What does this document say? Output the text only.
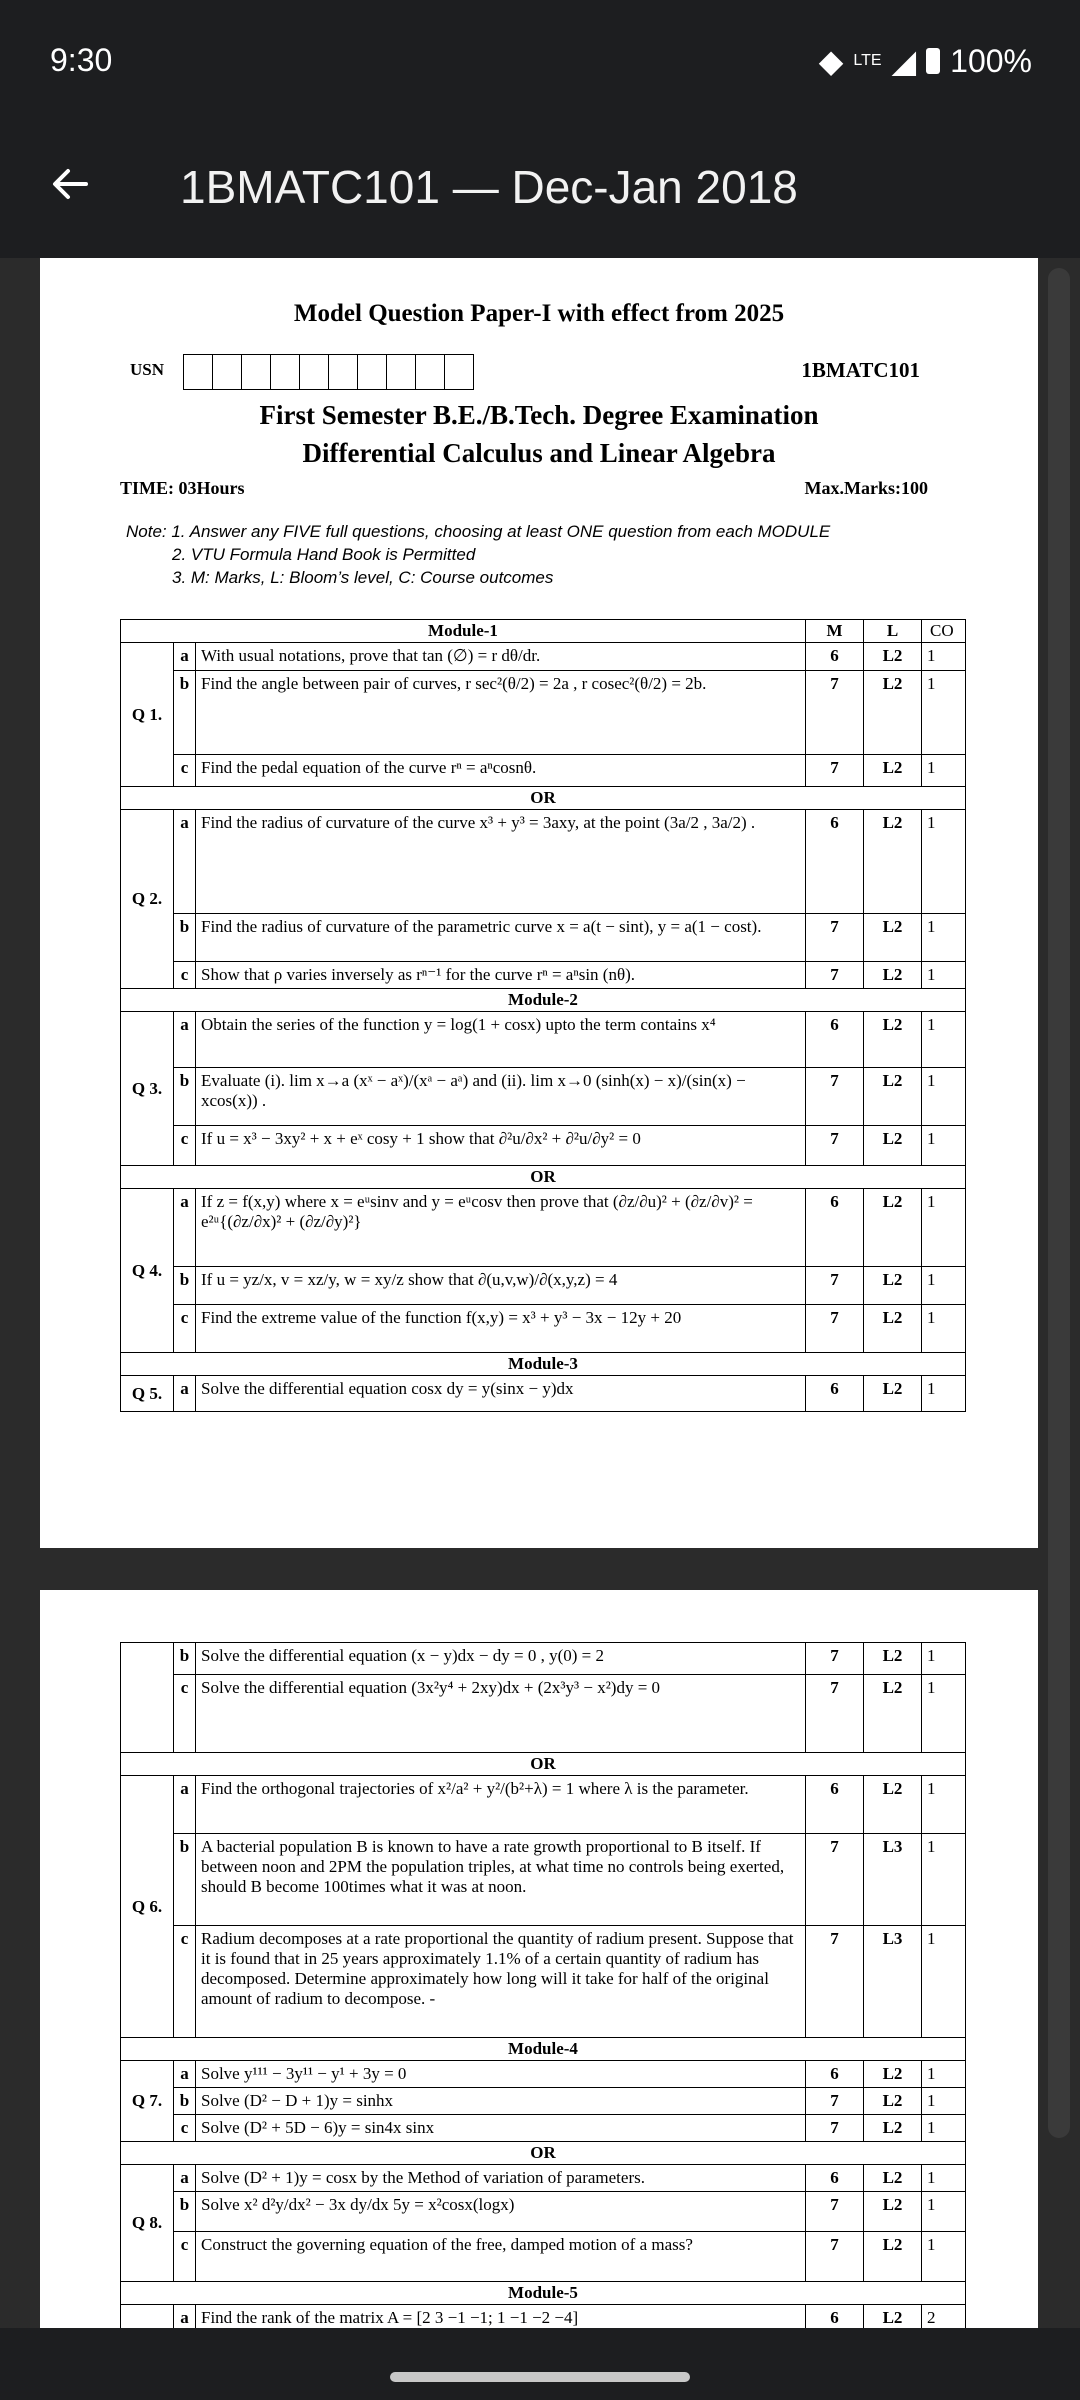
9:30	◆ LTE ◢ 100%
1BMATC101 — Dec-Jan 2018
Model Question Paper-I with effect from 2025
USN	1BMATC101
First Semester B.E./B.Tech. Degree Examination
Differential Calculus and Linear Algebra
TIME: 03Hours	Max.Marks:100
Note: 1. Answer any FIVE full questions, choosing at least ONE question from each MODULE
2. VTU Formula Hand Book is Permitted
3. M: Marks, L: Bloom’s level, C: Course outcomes
Module-1			M	L	CO
Q 1.	a	With usual notations, prove that tan (∅) = r dθ/dr.	6	L2	1
	b	Find the angle between pair of curves, r sec²(θ/2) = 2a , r cosec²(θ/2) = 2b.	7	L2	1
	c	Find the pedal equation of the curve rⁿ = aⁿcosnθ.	7	L2	1
OR					
Q 2.	a	Find the radius of curvature of the curve x³ + y³ = 3axy, at the point (3a/2 , 3a/2) .	6	L2	1
	b	Find the radius of curvature of the parametric curve x = a(t − sint), y = a(1 − cost).	7	L2	1
	c	Show that ρ varies inversely as rⁿ⁻¹ for the curve rⁿ = aⁿsin (nθ).	7	L2	1
Module-2					
Q 3.	a	Obtain the series of the function y = log(1 + cosx) upto the term contains x⁴	6	L2	1
	b	Evaluate (i). lim x→a (xˣ − aˣ)/(xᵃ − aᵃ) and (ii). lim x→0 (sinh(x) − x)/(sin(x) − xcos(x)) .	7	L2	1
	c	If u = x³ − 3xy² + x + eˣ cosy + 1 show that ∂²u/∂x² + ∂²u/∂y² = 0	7	L2	1
OR					
Q 4.	a	If z = f(x,y) where x = eᵘsinv and y = eᵘcosv then prove that (∂z/∂u)² + (∂z/∂v)² = e²ᵘ{(∂z/∂x)² + (∂z/∂y)²}	6	L2	1
	b	If u = yz/x, v = xz/y, w = xy/z show that ∂(u,v,w)/∂(x,y,z) = 4	7	L2	1
	c	Find the extreme value of the function f(x,y) = x³ + y³ − 3x − 12y + 20	7	L2	1
Module-3					
Q 5.	a	Solve the differential equation cosx dy = y(sinx − y)dx	6	L2	1
	b	Solve the differential equation (x − y)dx − dy = 0 , y(0) = 2	7	L2	1
	c	Solve the differential equation (3x²y⁴ + 2xy)dx + (2x³y³ − x²)dy = 0	7	L2	1
OR					
Q 6.	a	Find the orthogonal trajectories of x²/a² + y²/(b²+λ) = 1 where λ is the parameter.	6	L2	1
	b	A bacterial population B is known to have a rate growth proportional to B itself. If between noon and 2PM the population triples, at what time no controls being exerted, should B become 100times what it was at noon.	7	L3	1
	c	Radium decomposes at a rate proportional the quantity of radium present. Suppose that it is found that in 25 years approximately 1.1% of a certain quantity of radium has decomposed. Determine approximately how long will it take for half of the original amount of radium to decompose. -	7	L3	1
Module-4					
Q 7.	a	Solve y¹¹¹ − 3y¹¹ − y¹ + 3y = 0	6	L2	1
	b	Solve (D² − D + 1)y = sinhx	7	L2	1
	c	Solve (D² + 5D − 6)y = sin4x sinx	7	L2	1
OR					
Q 8.	a	Solve (D² + 1)y = cosx by the Method of variation of parameters.	6	L2	1
	b	Solve x² d²y/dx² − 3x dy/dx 5y = x²cosx(logx)	7	L2	1
	c	Construct the governing equation of the free, damped motion of a mass?	7	L2	1
Module-5					
	a	Find the rank of the matrix A = [2 3 −1 −1; 1 −1 −2 −4]	6	L2	2
